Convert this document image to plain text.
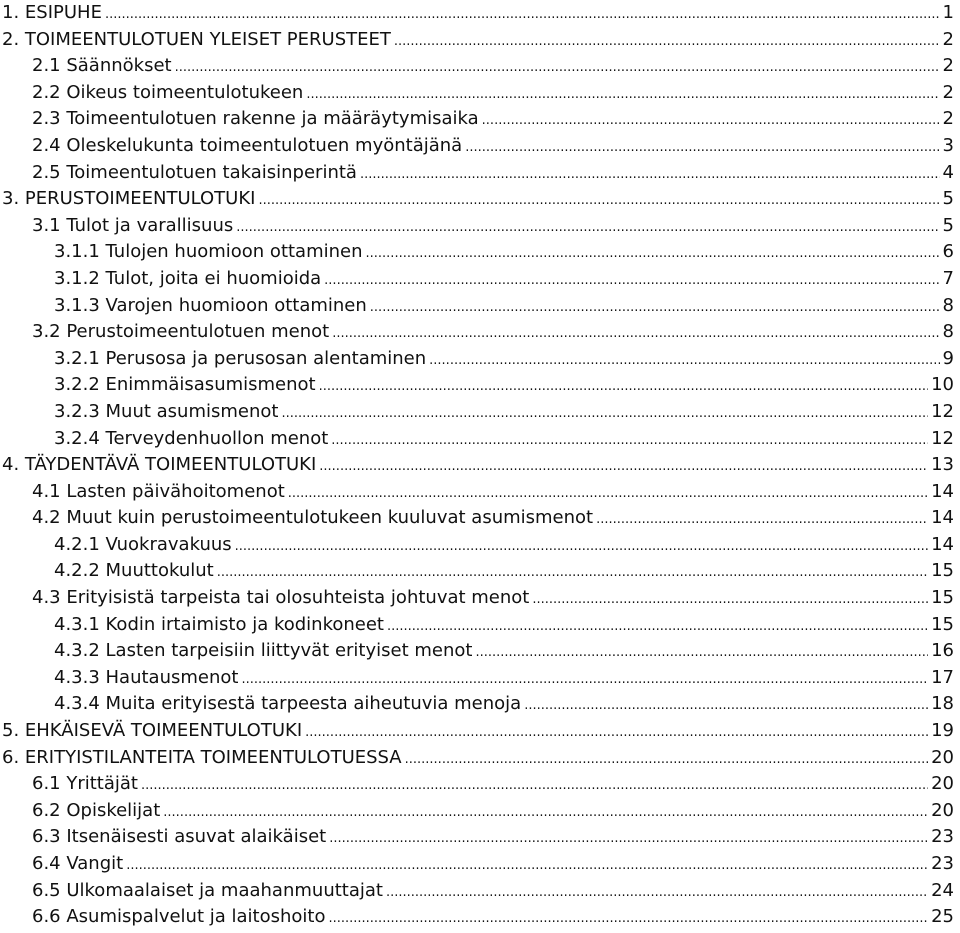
1. ESIPUHE .....	1
2. TOIMEENTULOTUEN YLEISET PERUSTEET .....	2
2.1 Säännökset .....	2
2.2 Oikeus toimeentulotukeen .....	2
2.3 Toimeentulotuen rakenne ja määräytymisaika .....	2
2.4 Oleskelukunta toimeentulotuen myöntäjänä .....	3
2.5 Toimeentulotuen takaisinperintä .....	4
3. PERUSTOIMEENTULOTUKI .....	5
3.1 Tulot ja varallisuus .....	5
3.1.1 Tulojen huomioon ottaminen .....	6
3.1.2 Tulot, joita ei huomioida .....	7
3.1.3 Varojen huomioon ottaminen .....	8
3.2 Perustoimeentulotuen menot .....	8
3.2.1 Perusosa ja perusosan alentaminen .....	9
3.2.2 Enimmäisasumismenot .....	10
3.2.3 Muut asumismenot .....	12
3.2.4 Terveydenhuollon menot .....	12
4. TÄYDENTÄVÄ TOIMEENTULOTUKI .....	13
4.1 Lasten päivähoitomenot .....	14
4.2 Muut kuin perustoimeentulotukeen kuuluvat asumismenot .....	14
4.2.1 Vuokravakuus .....	14
4.2.2 Muuttokulut .....	15
4.3 Erityisistä tarpeista tai olosuhteista johtuvat menot .....	15
4.3.1 Kodin irtaimisto ja kodinkoneet .....	15
4.3.2 Lasten tarpeisiin liittyvät erityiset menot .....	16
4.3.3 Hautausmenot .....	17
4.3.4 Muita erityisestä tarpeesta aiheutuvia menoja .....	18
5. EHKÄISEVÄ TOIMEENTULOTUKI .....	19
6. ERITYISTILANTEITA TOIMEENTULOTUESSA .....	20
6.1 Yrittäjät .....	20
6.2 Opiskelijat .....	20
6.3 Itsenäisesti asuvat alaikäiset .....	23
6.4 Vangit .....	23
6.5 Ulkomaalaiset ja maahanmuuttajat .....	24
6.6 Asumispalvelut ja laitoshoito .....	25
